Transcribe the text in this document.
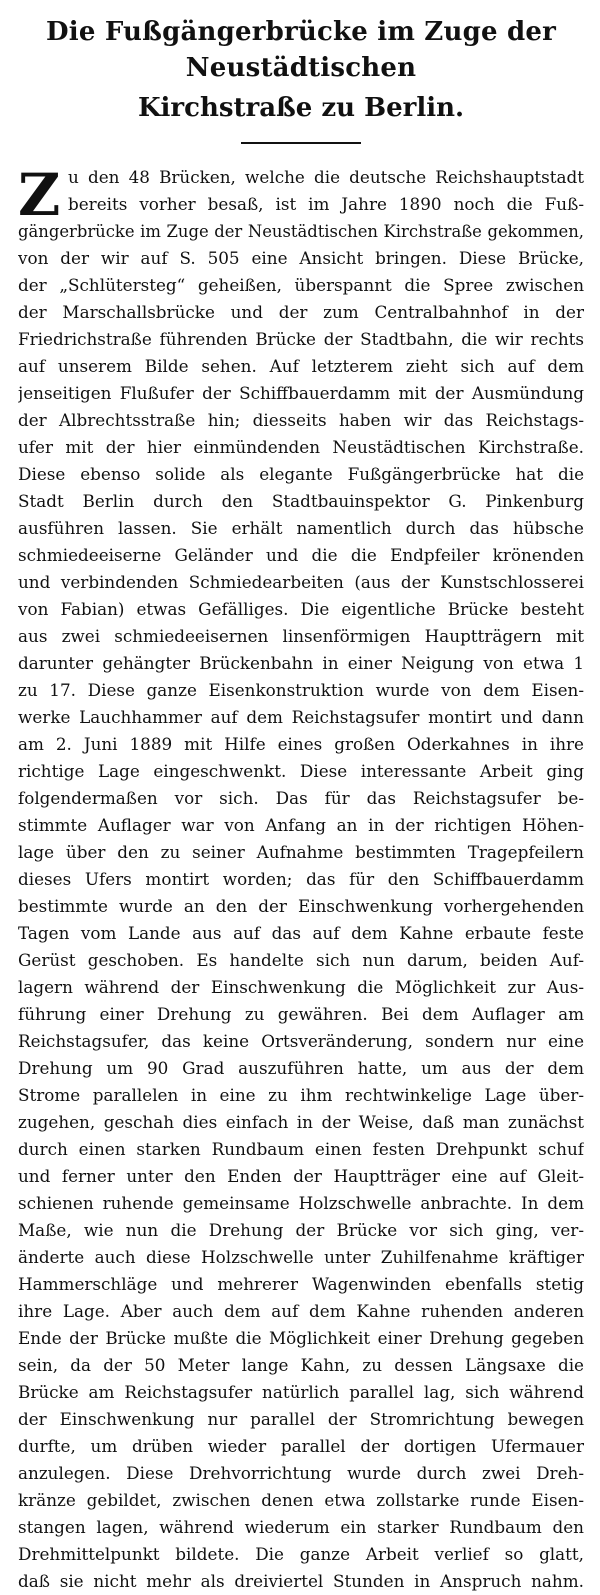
Die Fußgängerbrücke im Zuge der Neustädtischen
Kirchstraße zu Berlin.
Z u den 48 Brücken, welche die deutsche Reichshauptstadt
bereits vorher besaß, ist im Jahre 1890 noch die Fuß-
gängerbrücke im Zuge der Neustädtischen Kirchstraße gekommen,
von der wir auf S. 505 eine Ansicht bringen. Diese Brücke,
der „Schlütersteg“ geheißen, überspannt die Spree zwischen
der Marschallsbrücke und der zum Centralbahnhof in der
Friedrichstraße führenden Brücke der Stadtbahn, die wir rechts
auf unserem Bilde sehen. Auf letzterem zieht sich auf dem
jenseitigen Flußufer der Schiffbauerdamm mit der Ausmündung
der Albrechtsstraße hin; diesseits haben wir das Reichstags-
ufer mit der hier einmündenden Neustädtischen Kirchstraße.
Diese ebenso solide als elegante Fußgängerbrücke hat die
Stadt Berlin durch den Stadtbauinspektor G. Pinkenburg
ausführen lassen. Sie erhält namentlich durch das hübsche
schmiedeeiserne Geländer und die die Endpfeiler krönenden
und verbindenden Schmiedearbeiten (aus der Kunstschlosserei
von Fabian) etwas Gefälliges. Die eigentliche Brücke besteht
aus zwei schmiedeeisernen linsenförmigen Hauptträgern mit
darunter gehängter Brückenbahn in einer Neigung von etwa 1
zu 17. Diese ganze Eisenkonstruktion wurde von dem Eisen-
werke Lauchhammer auf dem Reichstagsufer montirt und dann
am 2. Juni 1889 mit Hilfe eines großen Oderkahnes in ihre
richtige Lage eingeschwenkt. Diese interessante Arbeit ging
folgendermaßen vor sich. Das für das Reichstagsufer be-
stimmte Auflager war von Anfang an in der richtigen Höhen-
lage über den zu seiner Aufnahme bestimmten Tragepfeilern
dieses Ufers montirt worden; das für den Schiffbauerdamm
bestimmte wurde an den der Einschwenkung vorhergehenden
Tagen vom Lande aus auf das auf dem Kahne erbaute feste
Gerüst geschoben. Es handelte sich nun darum, beiden Auf-
lagern während der Einschwenkung die Möglichkeit zur Aus-
führung einer Drehung zu gewähren. Bei dem Auflager am
Reichstagsufer, das keine Ortsveränderung, sondern nur eine
Drehung um 90 Grad auszuführen hatte, um aus der dem
Strome parallelen in eine zu ihm rechtwinkelige Lage über-
zugehen, geschah dies einfach in der Weise, daß man zunächst
durch einen starken Rundbaum einen festen Drehpunkt schuf
und ferner unter den Enden der Hauptträger eine auf Gleit-
schienen ruhende gemeinsame Holzschwelle anbrachte. In dem
Maße, wie nun die Drehung der Brücke vor sich ging, ver-
änderte auch diese Holzschwelle unter Zuhilfenahme kräftiger
Hammerschläge und mehrerer Wagenwinden ebenfalls stetig
ihre Lage. Aber auch dem auf dem Kahne ruhenden anderen
Ende der Brücke mußte die Möglichkeit einer Drehung gegeben
sein, da der 50 Meter lange Kahn, zu dessen Längsaxe die
Brücke am Reichstagsufer natürlich parallel lag, sich während
der Einschwenkung nur parallel der Stromrichtung bewegen
durfte, um drüben wieder parallel der dortigen Ufermauer
anzulegen. Diese Drehvorrichtung wurde durch zwei Dreh-
kränze gebildet, zwischen denen etwa zollstarke runde Eisen-
stangen lagen, während wiederum ein starker Rundbaum den
Drehmittelpunkt bildete. Die ganze Arbeit verlief so glatt,
daß sie nicht mehr als dreiviertel Stunden in Anspruch nahm.
